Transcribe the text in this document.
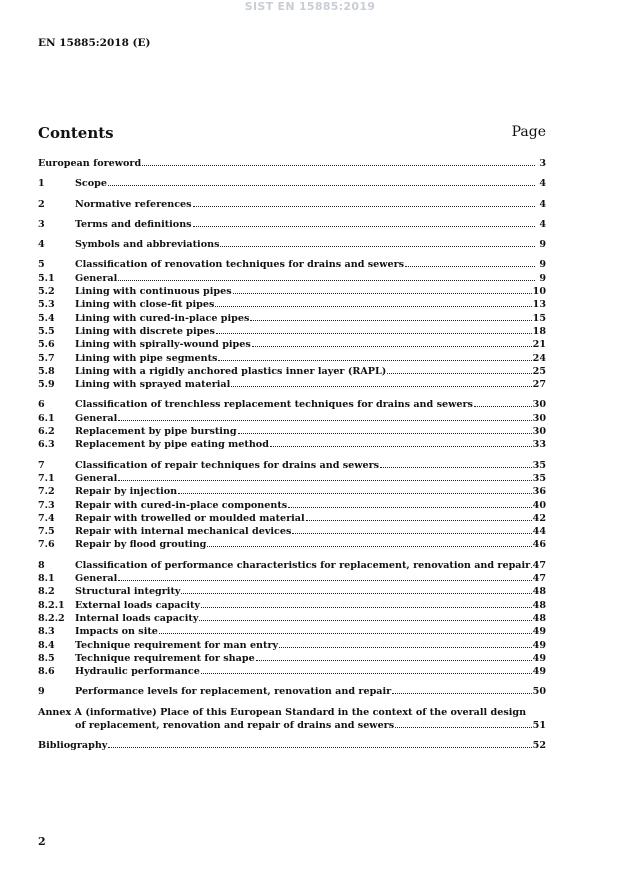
SIST EN 15885:2019
EN 15885:2018 (E)
Contents	Page
European foreword	3
1	Scope	4
2	Normative references	4
3	Terms and definitions	4
4	Symbols and abbreviations	9
5	Classification of renovation techniques for drains and sewers	9
5.1	General	9
5.2	Lining with continuous pipes	10
5.3	Lining with close-fit pipes	13
5.4	Lining with cured-in-place pipes	15
5.5	Lining with discrete pipes	18
5.6	Lining with spirally-wound pipes	21
5.7	Lining with pipe segments	24
5.8	Lining with a rigidly anchored plastics inner layer (RAPL)	25
5.9	Lining with sprayed material	27
6	Classification of trenchless replacement techniques for drains and sewers	30
6.1	General	30
6.2	Replacement by pipe bursting	30
6.3	Replacement by pipe eating method	33
7	Classification of repair techniques for drains and sewers	35
7.1	General	35
7.2	Repair by injection	36
7.3	Repair with cured-in-place components	40
7.4	Repair with trowelled or moulded material	42
7.5	Repair with internal mechanical devices	44
7.6	Repair by flood grouting	46
8	Classification of performance characteristics for replacement, renovation and repair 47
8.1	General	47
8.2	Structural integrity	48
8.2.1	External loads capacity	48
8.2.2	Internal loads capacity	48
8.3	Impacts on site	49
8.4	Technique requirement for man entry	49
8.5	Technique requirement for shape	49
8.6	Hydraulic performance	49
9	Performance levels for replacement, renovation and repair	50
Annex A (informative) Place of this European Standard in the context of the overall design
of replacement, renovation and repair of drains and sewers	51
Bibliography	52
2
